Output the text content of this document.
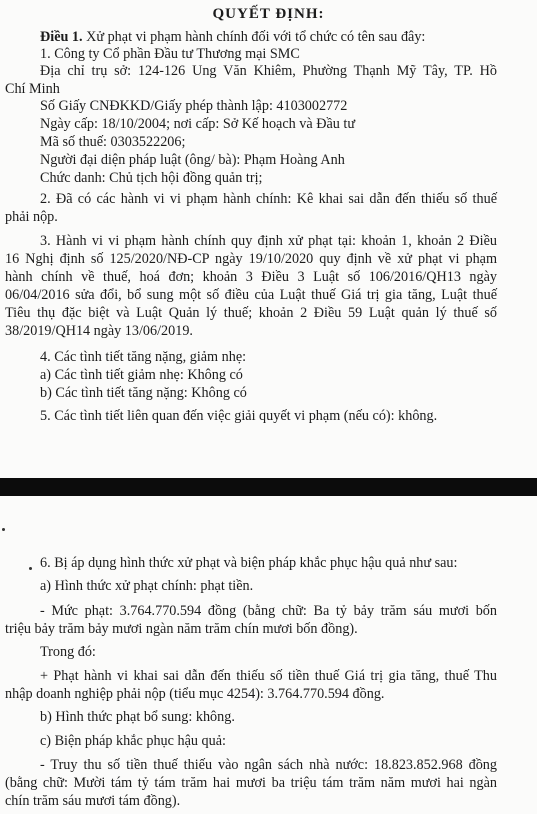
QUYẾT ĐỊNH:
Điều 1. Xử phạt vi phạm hành chính đối với tổ chức có tên sau đây:
1. Công ty Cổ phần Đầu tư Thương mại SMC
Địa chỉ trụ sở: 124-126 Ung Văn Khiêm, Phường Thạnh Mỹ Tây, TP. Hồ
Chí Minh
Số Giấy CNĐKKD/Giấy phép thành lập: 4103002772
Ngày cấp: 18/10/2004; nơi cấp: Sở Kế hoạch và Đầu tư
Mã số thuế: 0303522206;
Người đại diện pháp luật (ông/ bà): Phạm Hoàng Anh
Chức danh: Chủ tịch hội đồng quản trị;
2. Đã có các hành vi vi phạm hành chính: Kê khai sai dẫn đến thiếu số thuế
phải nộp.
3. Hành vi vi phạm hành chính quy định xử phạt tại: khoản 1, khoản 2 Điều
16 Nghị định số 125/2020/NĐ-CP ngày 19/10/2020 quy định về xử phạt vi phạm
hành chính về thuế, hoá đơn; khoản 3 Điều 3 Luật số 106/2016/QH13 ngày
06/04/2016 sửa đổi, bổ sung một số điều của Luật thuế Giá trị gia tăng, Luật thuế
Tiêu thụ đặc biệt và Luật Quản lý thuế; khoản 2 Điều 59 Luật quản lý thuế số
38/2019/QH14 ngày 13/06/2019.
4. Các tình tiết tăng nặng, giảm nhẹ:
a) Các tình tiết giảm nhẹ: Không có
b) Các tình tiết tăng nặng: Không có
5. Các tình tiết liên quan đến việc giải quyết vi phạm (nếu có): không.
6. Bị áp dụng hình thức xử phạt và biện pháp khắc phục hậu quả như sau:
a) Hình thức xử phạt chính: phạt tiền.
- Mức phạt: 3.764.770.594 đồng (bằng chữ: Ba tỷ bảy trăm sáu mươi bốn
triệu bảy trăm bảy mươi ngàn năm trăm chín mươi bốn đồng).
Trong đó:
+ Phạt hành vi khai sai dẫn đến thiếu số tiền thuế Giá trị gia tăng, thuế Thu
nhập doanh nghiệp phải nộp (tiểu mục 4254): 3.764.770.594 đồng.
b) Hình thức phạt bổ sung: không.
c) Biện pháp khắc phục hậu quả:
- Truy thu số tiền thuế thiếu vào ngân sách nhà nước: 18.823.852.968 đồng
(bằng chữ: Mười tám tỷ tám trăm hai mươi ba triệu tám trăm năm mươi hai ngàn
chín trăm sáu mươi tám đồng).
